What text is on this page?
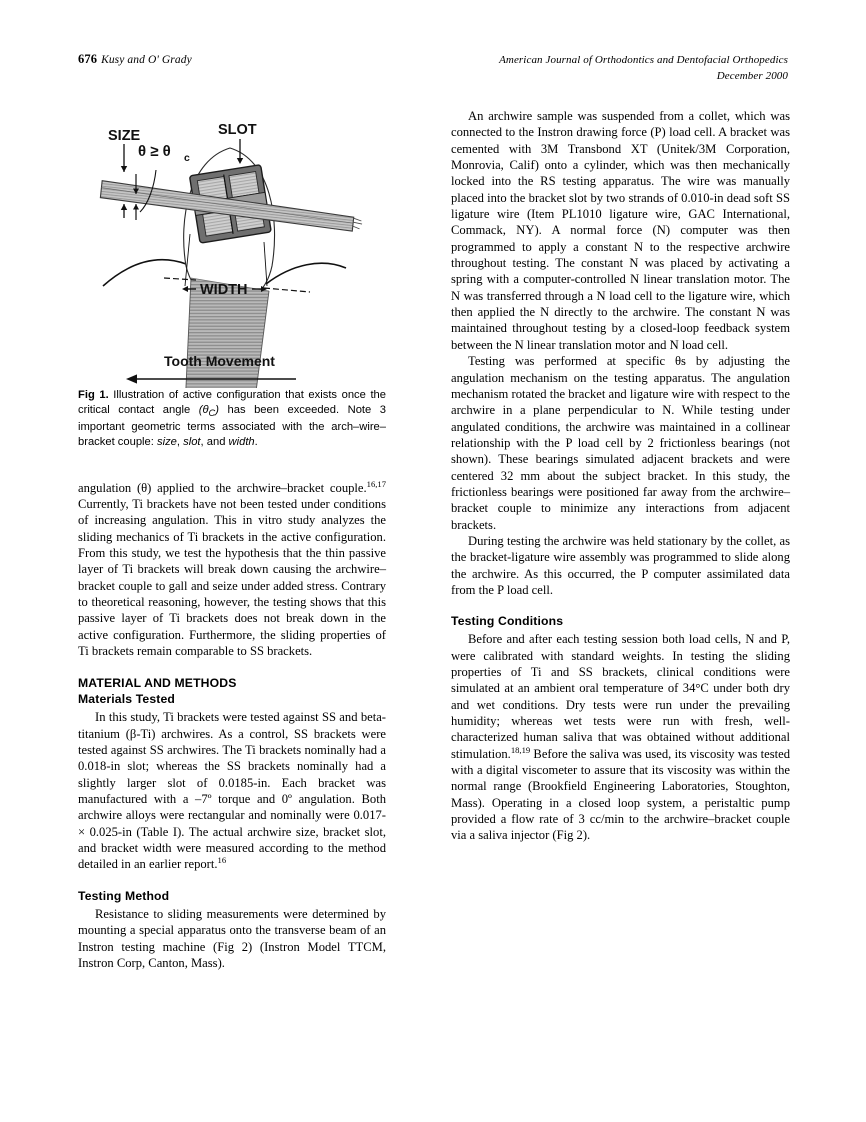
676 Kusy and O' Grady	American Journal of Orthodontics and Dentofacial Orthopedics
December 2000
SIZE
θ ≥ θ c
SLOT
WIDTH
Tooth Movement

Fig 1. Illustration of active configuration that exists once the critical contact angle $(\theta_C)$ has been exceeded. Note 3 important geometric terms associated with the arch–wire–bracket couple: size, slot, and width.

angulation (θ) applied to the archwire–bracket couple.$^{16,17}$ Currently, Ti brackets have not been tested under conditions of increasing angulation. This in vitro study analyzes the sliding mechanics of Ti brackets in the active configuration. From this study, we test the hypothesis that the thin passive layer of Ti brackets will break down causing the archwire–bracket couple to gall and seize under added stress. Contrary to theoretical reasoning, however, the testing shows that this passive layer of Ti brackets does not break down in the active configuration. Furthermore, the sliding properties of Ti brackets remain comparable to SS brackets.

MATERIAL AND METHODS
Materials Tested

In this study, Ti brackets were tested against SS and beta-titanium (β-Ti) archwires. As a control, SS brackets were tested against SS archwires. The Ti brackets nominally had a 0.018-in slot; whereas the SS brackets nominally had a slightly larger slot of 0.0185-in. Each bracket was manufactured with a –7º torque and 0º angulation. Both archwire alloys were rectangular and nominally were 0.017- × 0.025-in (Table I). The actual archwire size, bracket slot, and bracket width were measured according to the method detailed in an earlier report.$^{16}$

Testing Method

Resistance to sliding measurements were determined by mounting a special apparatus onto the transverse beam of an Instron testing machine (Fig 2) (Instron Model TTCM, Instron Corp, Canton, Mass).

An archwire sample was suspended from a collet, which was connected to the Instron drawing force (P) load cell. A bracket was cemented with 3M Transbond XT (Unitek/3M Corporation, Monrovia, Calif) onto a cylinder, which was then mechanically locked into the RS testing apparatus. The wire was manually placed into the bracket slot by two strands of 0.010-in dead soft SS ligature wire (Item PL1010 ligature wire, GAC International, Commack, NY). A normal force (N) computer was then programmed to apply a constant N to the respective archwire throughout testing. The constant N was placed by activating a spring with a computer-controlled N linear translation motor. The N was transferred through a N load cell to the ligature wire, which then applied the N directly to the archwire. The constant N was maintained throughout testing by a closed-loop feedback system between the N linear translation motor and N load cell.

Testing was performed at specific θs by adjusting the angulation mechanism on the testing apparatus. The angulation mechanism rotated the bracket and ligature wire with respect to the archwire in a plane perpendicular to N. While testing under angulated conditions, the archwire was maintained in a collinear relationship with the P load cell by 2 frictionless bearings (not shown). These bearings simulated adjacent brackets and were centered 32 mm about the subject bracket. In this study, the frictionless bearings were positioned far away from the archwire–bracket couple to minimize any interactions from adjacent brackets.

During testing the archwire was held stationary by the collet, as the bracket-ligature wire assembly was programmed to slide along the archwire. As this occurred, the P computer assimilated data from the P load cell.

Testing Conditions

Before and after each testing session both load cells, N and P, were calibrated with standard weights. In testing the sliding properties of Ti and SS brackets, clinical conditions were simulated at an ambient oral temperature of 34°C under both dry and wet conditions. Dry tests were run under the prevailing humidity; whereas wet tests were run with fresh, well-characterized human saliva that was obtained without additional stimulation.$^{18,19}$ Before the saliva was used, its viscosity was tested with a digital viscometer to assure that its viscosity was within the normal range (Brookfield Engineering Laboratories, Stoughton, Mass). Operating in a closed loop system, a peristaltic pump provided a flow rate of 3 cc/min to the archwire–bracket couple via a saliva injector (Fig 2).
